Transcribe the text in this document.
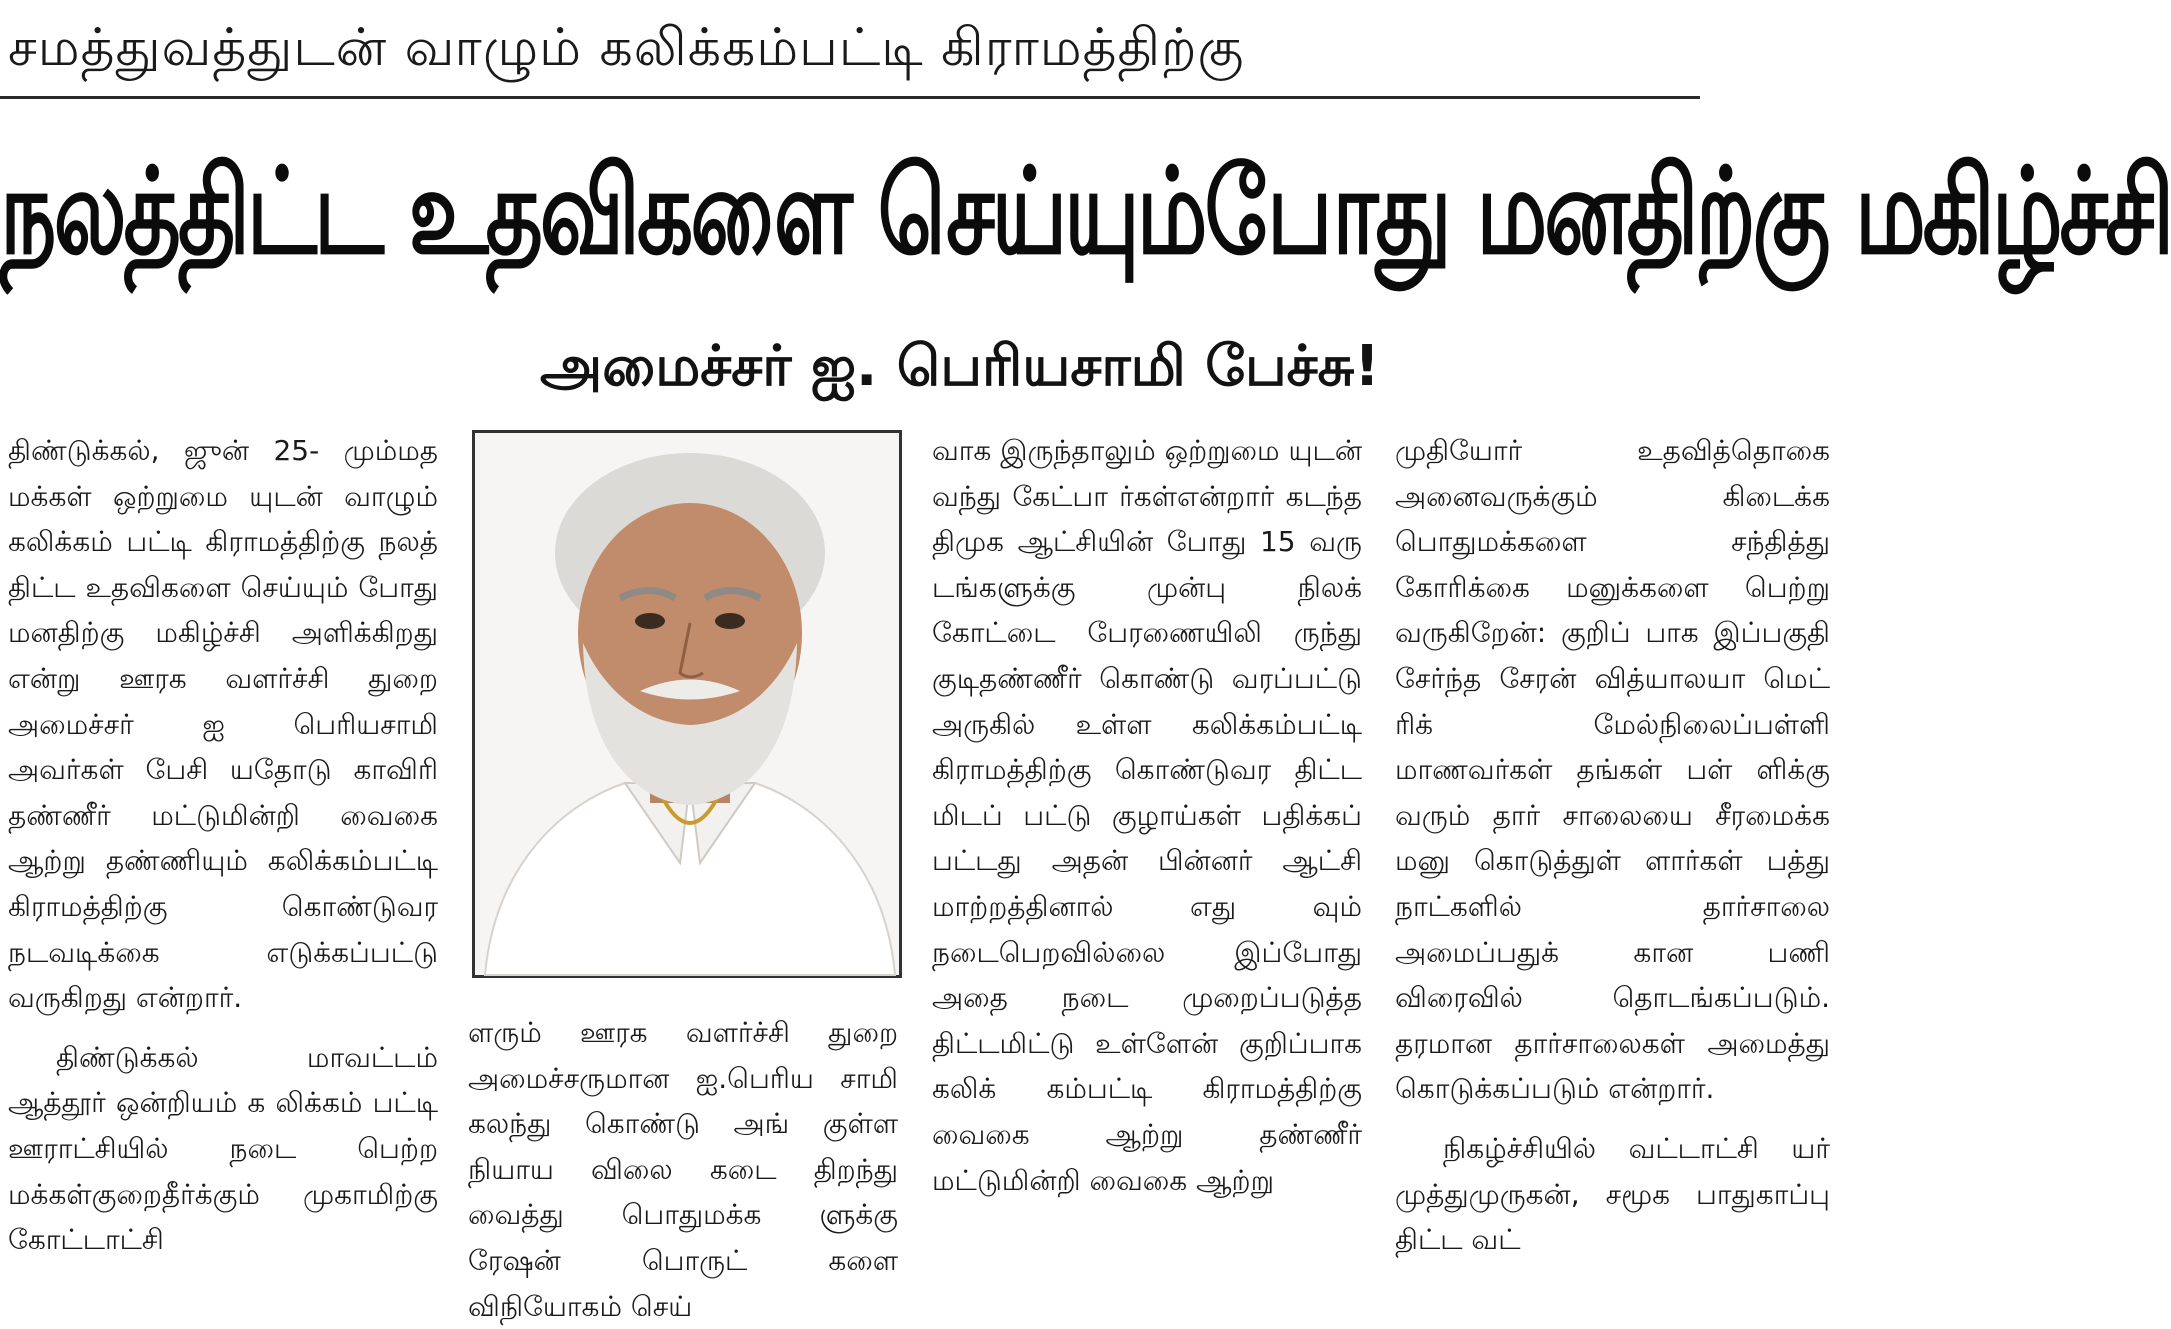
சமத்துவத்துடன் வாழும் கலிக்கம்பட்டி கிராமத்திற்கு
நலத்திட்ட உதவிகளை செய்யும்போது மனதிற்கு மகிழ்ச்சி
அமைச்சர் ஐ. பெரியசாமி பேச்சு!

திண்டுக்கல், ஜுன் 25- மும்மத மக்கள் ஒற்றுமை யுடன் வாழும் கலிக்கம் பட்டி கிராமத்திற்கு நலத் திட்ட உதவிகளை செய்யும் போது மனதிற்கு மகிழ்ச்சி அளிக்கிறது என்று ஊரக வளர்ச்சி துறை அமைச்சர் ஐ பெரியசாமி அவர்கள் பேசி யதோடு காவிரி தண்ணீர் மட்டுமின்றி வைகை ஆற்று தண்ணியும் கலிக்கம்பட்டி கிராமத்திற்கு கொண்டுவர நடவடிக்கை எடுக்கப்பட்டு வருகிறது என்றார்.

திண்டுக்கல் மாவட்டம் ஆத்தூர் ஒன்றியம் க லிக்கம் பட்டி ஊராட்சியில் நடை பெற்ற மக்கள்குறைதீர்க்கும் முகாமிற்கு கோட்டாட்சி

ளரும் ஊரக வளர்ச்சி துறை அமைச்சருமான ஐ.பெரிய சாமி கலந்து கொண்டு அங் குள்ள நியாய விலை கடை திறந்து வைத்து பொதுமக்க ளுக்கு ரேஷன் பொருட் களை விநியோகம் செய்

வாக இருந்தாலும் ஒற்றுமை யுடன் வந்து கேட்பா ர்கள்என்றார் கடந்த திமுக ஆட்சியின் போது 15 வரு டங்களுக்கு முன்பு நிலக் கோட்டை பேரணையிலி ருந்து குடிதண்ணீர் கொண்டு வரப்பட்டு அருகில் உள்ள கலிக்கம்பட்டி கிராமத்திற்கு கொண்டுவர திட்ட மிடப் பட்டு குழாய்கள் பதிக்கப் பட்டது அதன் பின்னர் ஆட்சி மாற்றத்தினால் எது வும் நடைபெறவில்லை இப்போது அதை நடை முறைப்படுத்த திட்டமிட்டு உள்ளேன் குறிப்பாக கலிக் கம்பட்டி கிராமத்திற்கு வைகை ஆற்று தண்ணீர் மட்டுமின்றி வைகை ஆற்று

முதியோர் உதவித்தொகை அனைவருக்கும் கிடைக்க பொதுமக்களை சந்தித்து கோரிக்கை மனுக்களை பெற்று வருகிறேன்: குறிப் பாக இப்பகுதி சேர்ந்த சேரன் வித்யாலயா மெட் ரிக் மேல்நிலைப்பள்ளி மாணவர்கள் தங்கள் பள் ளிக்கு வரும் தார் சாலையை சீரமைக்க மனு கொடுத்துள் ளார்கள் பத்து நாட்களில் தார்சாலை அமைப்பதுக் கான பணி விரைவில் தொடங்கப்படும். தரமான தார்சாலைகள் அமைத்து கொடுக்கப்படும் என்றார்.

நிகழ்ச்சியில் வட்டாட்சி யர் முத்துமுருகன், சமூக பாதுகாப்பு திட்ட வட்
